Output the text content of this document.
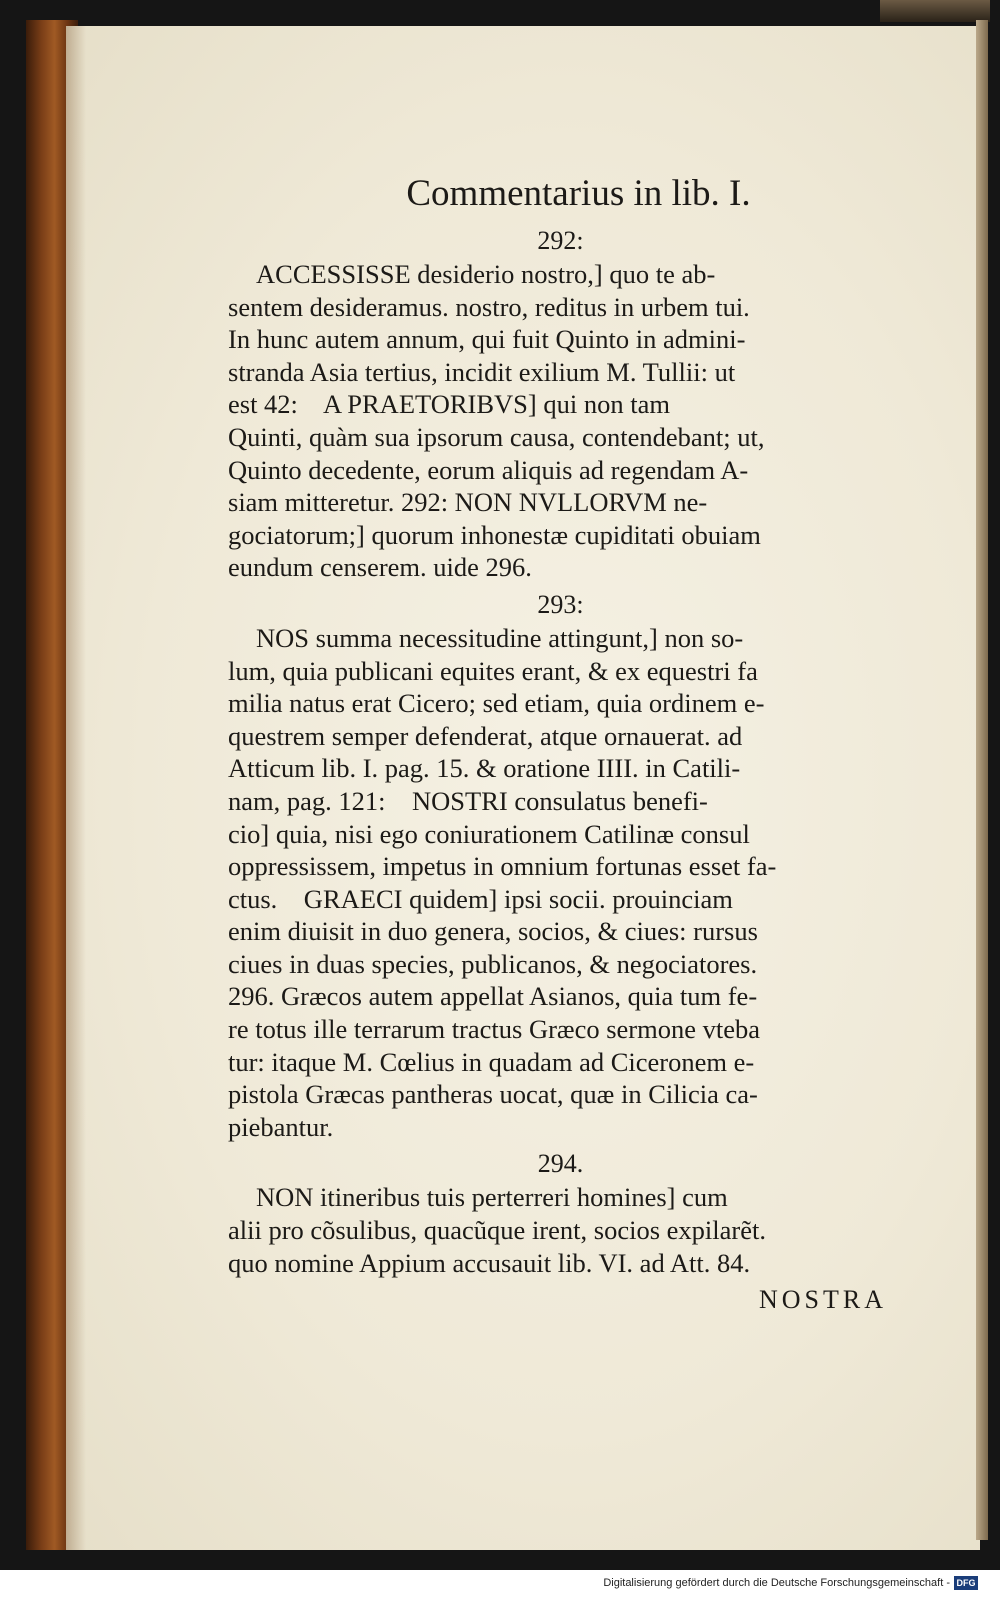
Commentarius in lib. I.
292:

ACCESSISSE desiderio nostro,] quo te ab-
sentem desideramus. nostro, reditus in urbem tui.
In hunc autem annum, qui fuit Quinto in admini-
stranda Asia tertius, incidit exilium M. Tullii: ut
est 42:    A PRAETORIBVS] qui non tam
Quinti, quàm sua ipsorum causa, contendebant; ut,
Quinto decedente, eorum aliquis ad regendam A-
siam mitteretur. 292: NON NVLLORVM ne-
gociatorum;] quorum inhonestæ cupiditati obuiam
eundum censerem. uide 296.

293:

NOS summa necessitudine attingunt,] non so-
lum, quia publicani equites erant, & ex equestri fa
milia natus erat Cicero; sed etiam, quia ordinem e-
questrem semper defenderat, atque ornauerat. ad
Atticum lib. I. pag. 15. & oratione IIII. in Catili-
nam, pag. 121:    NOSTRI consulatus benefi-
cio] quia, nisi ego coniurationem Catilinæ consul
oppressissem, impetus in omnium fortunas esset fa-
ctus.    GRAECI quidem] ipsi socii. prouinciam
enim diuisit in duo genera, socios, & ciues: rursus
ciues in duas species, publicanos, & negociatores.
296. Græcos autem appellat Asianos, quia tum fe-
re totus ille terrarum tractus Græco sermone vteba
tur: itaque M. Cœlius in quadam ad Ciceronem e-
pistola Græcas pantheras uocat, quæ in Cilicia ca-
piebantur.

294.

NON itineribus tuis perterreri homines] cum
alii pro cõsulibus, quacũque irent, socios expilarẽt.
quo nomine Appium accusauit lib. VI. ad Att. 84.

NOSTRA
Digitalisierung gefördert durch die Deutsche Forschungsgemeinschaft - DFG
